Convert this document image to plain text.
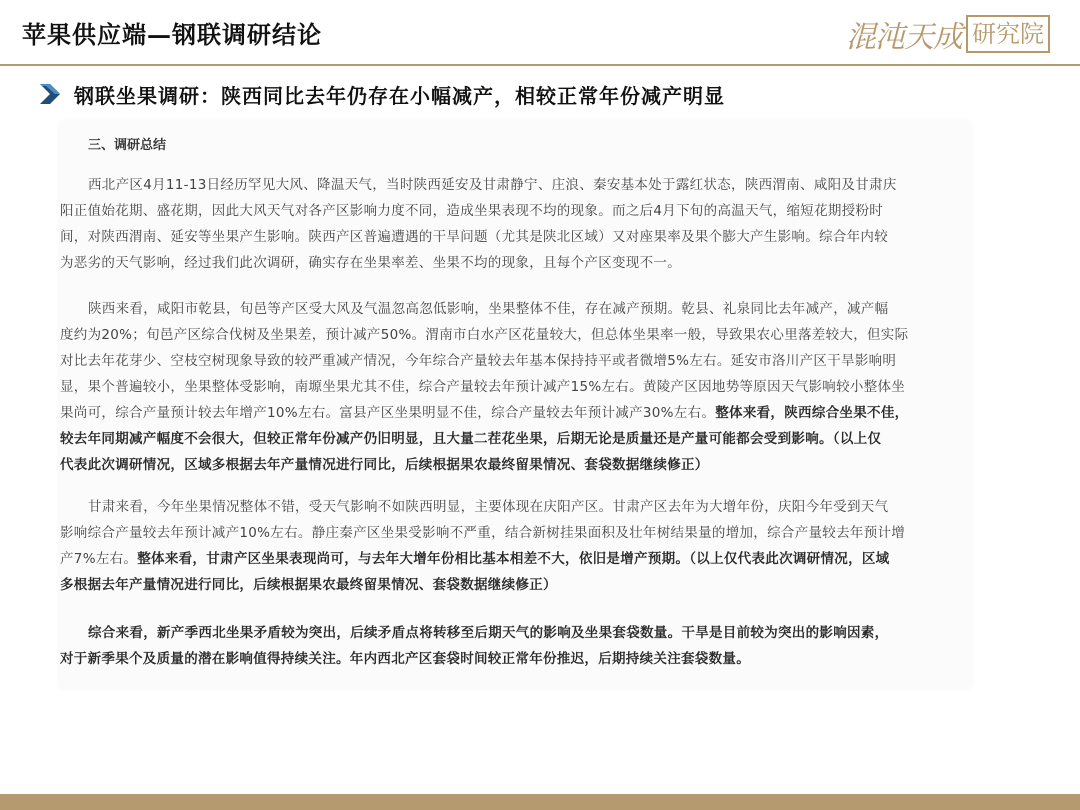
苹果供应端—钢联调研结论	混沌天成 研究院
钢联坐果调研：陕西同比去年仍存在小幅减产，相较正常年份减产明显
三、调研总结
西北产区4月11-13日经历罕见大风、降温天气，当时陕西延安及甘肃静宁、庄浪、秦安基本处于露红状态，陕西渭南、咸阳及甘肃庆
阳正值始花期、盛花期，因此大风天气对各产区影响力度不同，造成坐果表现不均的现象。而之后4月下旬的高温天气，缩短花期授粉时
间，对陕西渭南、延安等坐果产生影响。陕西产区普遍遭遇的干旱问题（尤其是陕北区域）又对座果率及果个膨大产生影响。综合年内较
为恶劣的天气影响，经过我们此次调研，确实存在坐果率差、坐果不均的现象，且每个产区变现不一。
陕西来看，咸阳市乾县，旬邑等产区受大风及气温忽高忽低影响，坐果整体不佳，存在减产预期。乾县、礼泉同比去年减产，减产幅
度约为20%；旬邑产区综合伐树及坐果差，预计减产50%。渭南市白水产区花量较大，但总体坐果率一般，导致果农心里落差较大，但实际
对比去年花芽少、空枝空树现象导致的较严重减产情况，今年综合产量较去年基本保持持平或者微增5%左右。延安市洛川产区干旱影响明
显，果个普遍较小，坐果整体受影响，南塬坐果尤其不佳，综合产量较去年预计减产15%左右。黄陵产区因地势等原因天气影响较小整体坐
果尚可，综合产量预计较去年增产10%左右。富县产区坐果明显不佳，综合产量较去年预计减产30%左右。整体来看，陕西综合坐果不佳，
较去年同期减产幅度不会很大，但较正常年份减产仍旧明显，且大量二茬花坐果，后期无论是质量还是产量可能都会受到影响。（以上仅
代表此次调研情况，区域多根据去年产量情况进行同比，后续根据果农最终留果情况、套袋数据继续修正）
甘肃来看，今年坐果情况整体不错，受天气影响不如陕西明显，主要体现在庆阳产区。甘肃产区去年为大增年份，庆阳今年受到天气
影响综合产量较去年预计减产10%左右。静庄秦产区坐果受影响不严重，结合新树挂果面积及壮年树结果量的增加，综合产量较去年预计增
产7%左右。整体来看，甘肃产区坐果表现尚可，与去年大增年份相比基本相差不大，依旧是增产预期。（以上仅代表此次调研情况，区域
多根据去年产量情况进行同比，后续根据果农最终留果情况、套袋数据继续修正）
综合来看，新产季西北坐果矛盾较为突出，后续矛盾点将转移至后期天气的影响及坐果套袋数量。干旱是目前较为突出的影响因素，
对于新季果个及质量的潜在影响值得持续关注。年内西北产区套袋时间较正常年份推迟，后期持续关注套袋数量。
